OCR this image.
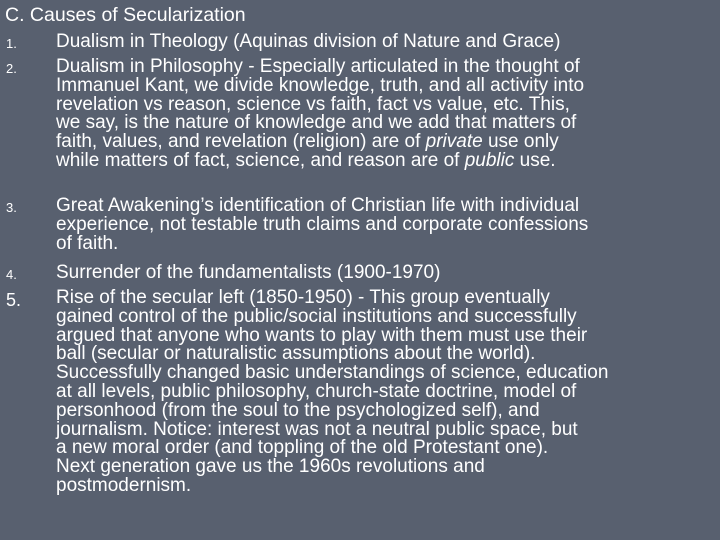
C. Causes of Secularization
1. Dualism in Theology (Aquinas division of Nature and Grace)
2. Dualism in Philosophy - Especially articulated in the thought of
Immanuel Kant, we divide knowledge, truth, and all activity into
revelation vs reason, science vs faith, fact vs value, etc. This,
we say, is the nature of knowledge and we add that matters of
faith, values, and revelation (religion) are of private use only
while matters of fact, science, and reason are of public use.
3. Great Awakening’s identification of Christian life with individual
experience, not testable truth claims and corporate confessions
of faith.
4. Surrender of the fundamentalists (1900-1970)
5. Rise of the secular left (1850-1950) - This group eventually
gained control of the public/social institutions and successfully
argued that anyone who wants to play with them must use their
ball (secular or naturalistic assumptions about the world).
Successfully changed basic understandings of science, education
at all levels, public philosophy, church-state doctrine, model of
personhood (from the soul to the psychologized self), and
journalism. Notice: interest was not a neutral public space, but
a new moral order (and toppling of the old Protestant one).
Next generation gave us the 1960s revolutions and
postmodernism.
